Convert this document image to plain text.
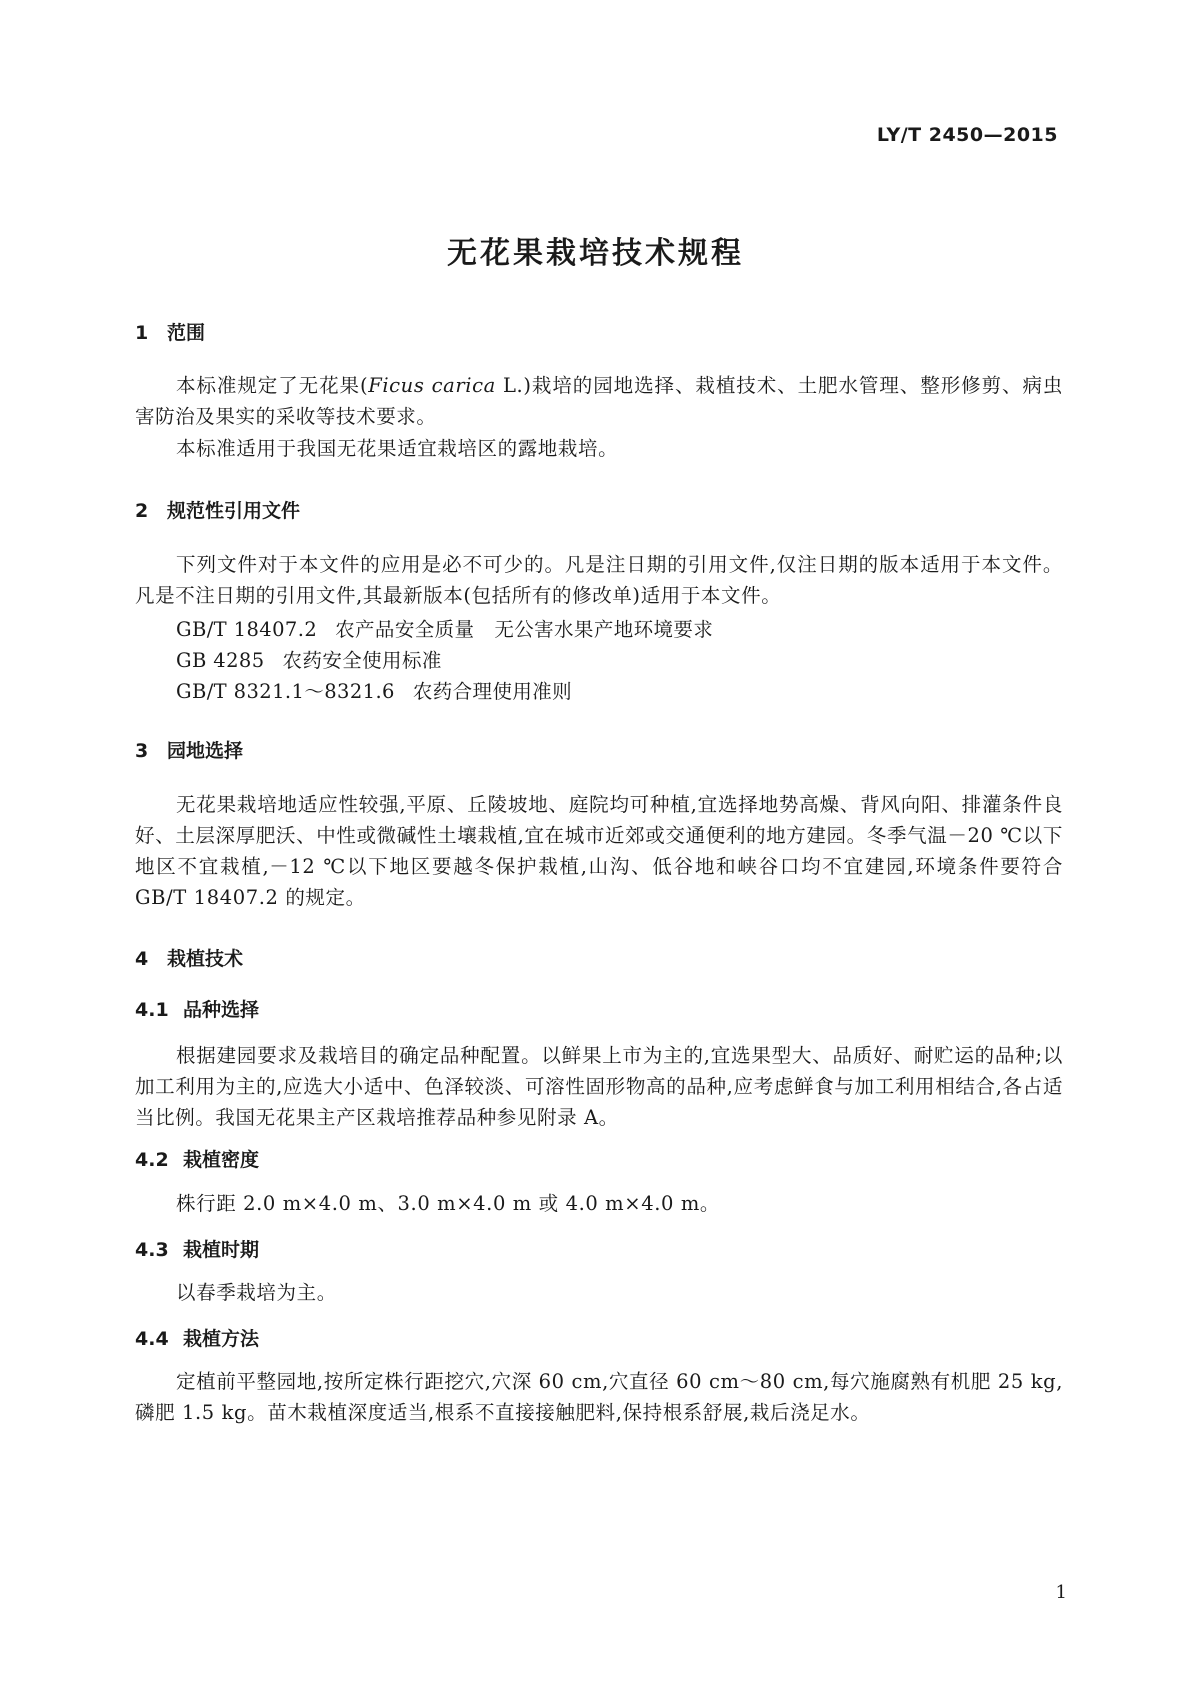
LY/T 2450—2015
无花果栽培技术规程
1 范围
本标准规定了无花果(Ficus carica L.)栽培的园地选择、栽植技术、土肥水管理、整形修剪、病虫害防治及果实的采收等技术要求。
本标准适用于我国无花果适宜栽培区的露地栽培。
2 规范性引用文件
下列文件对于本文件的应用是必不可少的。凡是注日期的引用文件,仅注日期的版本适用于本文件。凡是不注日期的引用文件,其最新版本(包括所有的修改单)适用于本文件。
GB/T 18407.2 农产品安全质量　无公害水果产地环境要求
GB 4285 农药安全使用标准
GB/T 8321.1～8321.6 农药合理使用准则
3 园地选择
无花果栽培地适应性较强,平原、丘陵坡地、庭院均可种植,宜选择地势高燥、背风向阳、排灌条件良好、土层深厚肥沃、中性或微碱性土壤栽植,宜在城市近郊或交通便利的地方建园。冬季气温－20 ℃以下地区不宜栽植,－12 ℃以下地区要越冬保护栽植,山沟、低谷地和峡谷口均不宜建园,环境条件要符合 GB/T 18407.2 的规定。
4 栽植技术
4.1 品种选择
根据建园要求及栽培目的确定品种配置。以鲜果上市为主的,宜选果型大、品质好、耐贮运的品种;以加工利用为主的,应选大小适中、色泽较淡、可溶性固形物高的品种,应考虑鲜食与加工利用相结合,各占适当比例。我国无花果主产区栽培推荐品种参见附录 A。
4.2 栽植密度
株行距 2.0 m×4.0 m、3.0 m×4.0 m 或 4.0 m×4.0 m。
4.3 栽植时期
以春季栽培为主。
4.4 栽植方法
定植前平整园地,按所定株行距挖穴,穴深 60 cm,穴直径 60 cm～80 cm,每穴施腐熟有机肥 25 kg,磷肥 1.5 kg。苗木栽植深度适当,根系不直接接触肥料,保持根系舒展,栽后浇足水。
1
